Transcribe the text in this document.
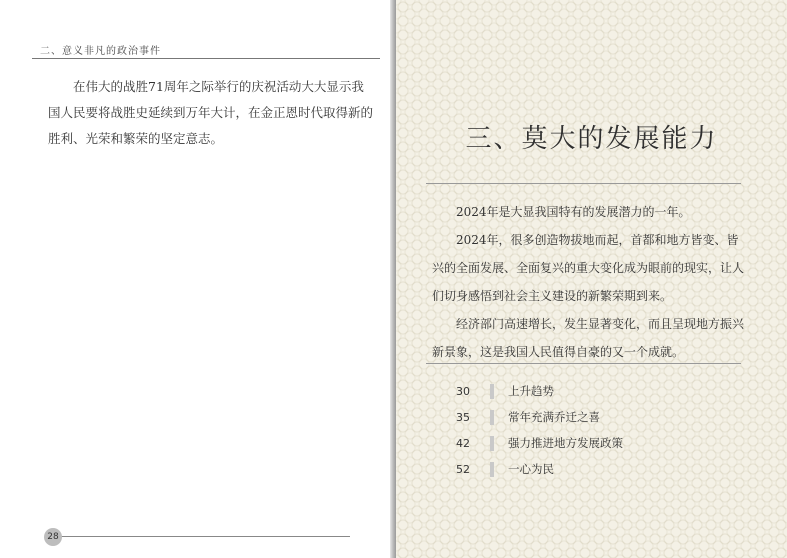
二、意义非凡的政治事件

在伟大的战胜71周年之际举行的庆祝活动大大显示我国人民要将战胜史延续到万年大计，在金正恩时代取得新的胜利、光荣和繁荣的坚定意志。

28
三、莫大的发展能力

2024年是大显我国特有的发展潜力的一年。

2024年，很多创造物拔地而起，首都和地方皆变、皆兴的全面发展、全面复兴的重大变化成为眼前的现实，让人们切身感悟到社会主义建设的新繁荣期到来。

经济部门高速增长，发生显著变化，而且呈现地方振兴新景象，这是我国人民值得自豪的又一个成就。

30	上升趋势
35	常年充满乔迁之喜
42	强力推进地方发展政策
52	一心为民
